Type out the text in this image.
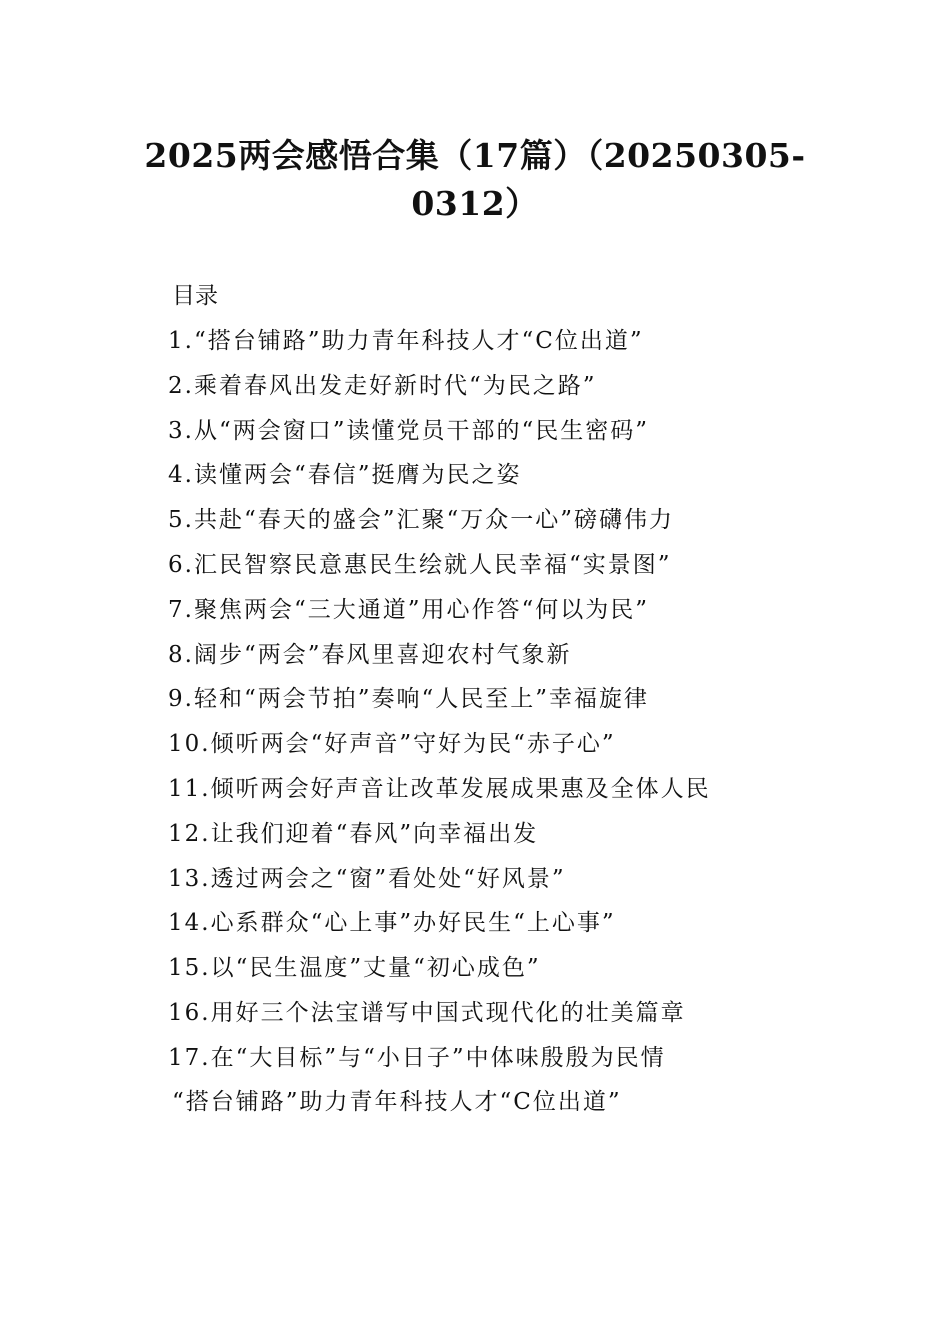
2025两会感悟合集（17篇）（20250305-
0312）

目录

1.“搭台铺路”助力青年科技人才“C位出道”
2.乘着春风出发走好新时代“为民之路”
3.从“两会窗口”读懂党员干部的“民生密码”
4.读懂两会“春信”挺膺为民之姿
5.共赴“春天的盛会”汇聚“万众一心”磅礴伟力
6.汇民智察民意惠民生绘就人民幸福“实景图”
7.聚焦两会“三大通道”用心作答“何以为民”
8.阔步“两会”春风里喜迎农村气象新
9.轻和“两会节拍”奏响“人民至上”幸福旋律
10.倾听两会“好声音”守好为民“赤子心”
11.倾听两会好声音让改革发展成果惠及全体人民
12.让我们迎着“春风”向幸福出发
13.透过两会之“窗”看处处“好风景”
14.心系群众“心上事”办好民生“上心事”
15.以“民生温度”丈量“初心成色”
16.用好三个法宝谱写中国式现代化的壮美篇章
17.在“大目标”与“小日子”中体味殷殷为民情

“搭台铺路”助力青年科技人才“C位出道”
